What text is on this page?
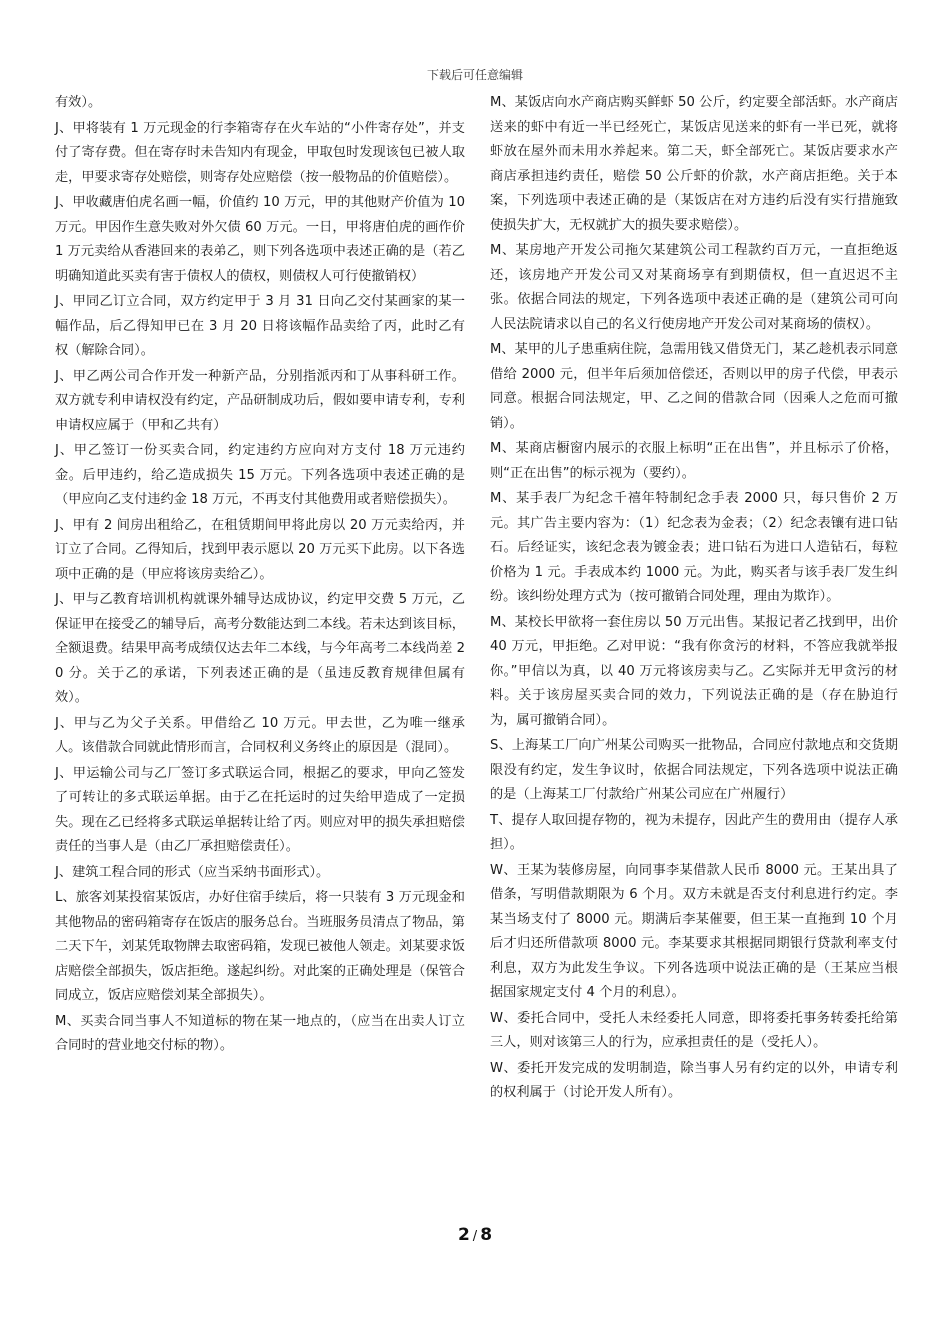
下载后可任意编辑

有效）。

J、甲将装有 1 万元现金的行李箱寄存在火车站的“小件寄存处”，并支付了寄存费。但在寄存时未告知内有现金，甲取包时发现该包已被人取走，甲要求寄存处赔偿，则寄存处应赔偿（按一般物品的价值赔偿）。

J、甲收藏唐伯虎名画一幅，价值约 10 万元，甲的其他财产价值为 10 万元。甲因作生意失败对外欠债 60 万元。一日，甲将唐伯虎的画作价 1 万元卖给从香港回来的表弟乙，则下列各选项中表述正确的是（若乙明确知道此买卖有害于债权人的债权，则债权人可行使撤销权）

J、甲同乙订立合同，双方约定甲于 3 月 31 日向乙交付某画家的某一幅作品，后乙得知甲已在 3 月 20 日将该幅作品卖给了丙，此时乙有权（解除合同）。

J、甲乙两公司合作开发一种新产品，分别指派丙和丁从事科研工作。双方就专利申请权没有约定，产品研制成功后，假如要申请专利，专利申请权应属于（甲和乙共有）

J、甲乙签订一份买卖合同，约定违约方应向对方支付 18 万元违约金。后甲违约，给乙造成损失 15 万元。下列各选项中表述正确的是（甲应向乙支付违约金 18 万元，不再支付其他费用或者赔偿损失）。

J、甲有 2 间房出租给乙，在租赁期间甲将此房以 20 万元卖给丙，并订立了合同。乙得知后，找到甲表示愿以 20 万元买下此房。以下各选项中正确的是（甲应将该房卖给乙）。

J、甲与乙教育培训机构就课外辅导达成协议，约定甲交费 5 万元，乙保证甲在接受乙的辅导后，高考分数能达到二本线。若未达到该目标，全额退费。结果甲高考成绩仅达去年二本线，与今年高考二本线尚差 20 分。关于乙的承诺，下列表述正确的是（虽违反教育规律但属有效）。

J、甲与乙为父子关系。甲借给乙 10 万元。甲去世，乙为唯一继承人。该借款合同就此情形而言，合同权利义务终止的原因是（混同）。

J、甲运输公司与乙厂签订多式联运合同，根据乙的要求，甲向乙签发了可转让的多式联运单据。由于乙在托运时的过失给甲造成了一定损失。现在乙已经将多式联运单据转让给了丙。则应对甲的损失承担赔偿责任的当事人是（由乙厂承担赔偿责任）。

J、建筑工程合同的形式（应当采纳书面形式）。

L、旅客刘某投宿某饭店，办好住宿手续后，将一只装有 3 万元现金和其他物品的密码箱寄存在饭店的服务总台。当班服务员清点了物品，第二天下午，刘某凭取物牌去取密码箱，发现已被他人领走。刘某要求饭店赔偿全部损失，饭店拒绝。遂起纠纷。对此案的正确处理是（保管合同成立，饭店应赔偿刘某全部损失）。

M、买卖合同当事人不知道标的物在某一地点的，（应当在出卖人订立合同时的营业地交付标的物）。

M、某饭店向水产商店购买鲜虾 50 公斤，约定要全部活虾。水产商店送来的虾中有近一半已经死亡，某饭店见送来的虾有一半已死，就将虾放在屋外而未用水养起来。第二天，虾全部死亡。某饭店要求水产商店承担违约责任，赔偿 50 公斤虾的价款，水产商店拒绝。关于本案，下列选项中表述正确的是（某饭店在对方违约后没有实行措施致使损失扩大，无权就扩大的损失要求赔偿）。

M、某房地产开发公司拖欠某建筑公司工程款约百万元，一直拒绝返还，该房地产开发公司又对某商场享有到期债权，但一直迟迟不主张。依据合同法的规定，下列各选项中表述正确的是（建筑公司可向人民法院请求以自己的名义行使房地产开发公司对某商场的债权）。

M、某甲的儿子患重病住院，急需用钱又借贷无门，某乙趁机表示同意借给 2000 元，但半年后须加倍偿还，否则以甲的房子代偿，甲表示同意。根据合同法规定，甲、乙之间的借款合同（因乘人之危而可撤销）。

M、某商店橱窗内展示的衣服上标明“正在出售”，并且标示了价格，则“正在出售”的标示视为（要约）。

M、某手表厂为纪念千禧年特制纪念手表 2000 只，每只售价 2 万元。其广告主要内容为：（1）纪念表为金表；（2）纪念表镶有进口钻石。后经证实，该纪念表为镀金表；进口钻石为进口人造钻石，每粒价格为 1 元。手表成本约 1000 元。为此，购买者与该手表厂发生纠纷。该纠纷处理方式为（按可撤销合同处理，理由为欺诈）。

M、某校长甲欲将一套住房以 50 万元出售。某报记者乙找到甲，出价 40 万元，甲拒绝。乙对甲说：“我有你贪污的材料，不答应我就举报你。”甲信以为真，以 40 万元将该房卖与乙。乙实际并无甲贪污的材料。关于该房屋买卖合同的效力，下列说法正确的是（存在胁迫行为，属可撤销合同）。

S、上海某工厂向广州某公司购买一批物品，合同应付款地点和交货期限没有约定，发生争议时，依据合同法规定，下列各选项中说法正确的是（上海某工厂付款给广州某公司应在广州履行）

T、提存人取回提存物的，视为未提存，因此产生的费用由（提存人承担）。

W、王某为装修房屋，向同事李某借款人民币 8000 元。王某出具了借条，写明借款期限为 6 个月。双方未就是否支付利息进行约定。李某当场支付了 8000 元。期满后李某催要，但王某一直拖到 10 个月后才归还所借款项 8000 元。李某要求其根据同期银行贷款利率支付利息，双方为此发生争议。下列各选项中说法正确的是（王某应当根据国家规定支付 4 个月的利息）。

W、委托合同中，受托人未经委托人同意，即将委托事务转委托给第三人，则对该第三人的行为，应承担责任的是（受托人）。

W、委托开发完成的发明制造，除当事人另有约定的以外，申请专利的权利属于（讨论开发人所有）。

2 / 8
